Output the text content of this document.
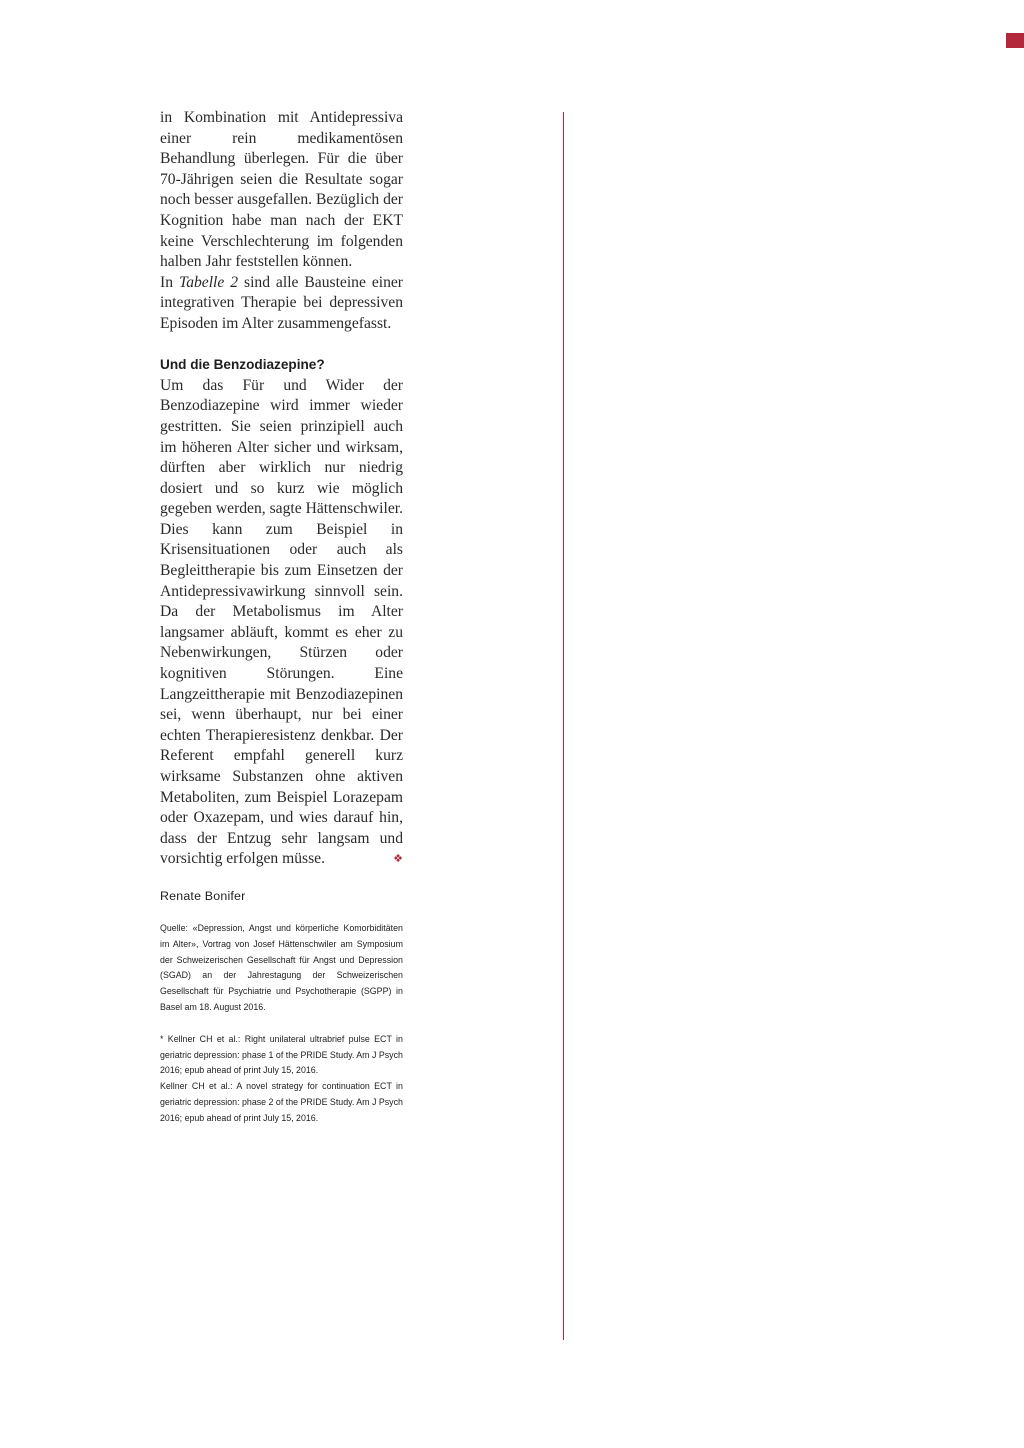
in Kombination mit Antidepressiva einer rein medikamentösen Behandlung überlegen. Für die über 70-Jährigen seien die Resultate sogar noch besser ausgefallen. Bezüglich der Kognition habe man nach der EKT keine Verschlechterung im folgenden halben Jahr feststellen können.

In Tabelle 2 sind alle Bausteine einer integrativen Therapie bei depressiven Episoden im Alter zusammengefasst.

Und die Benzodiazepine?

Um das Für und Wider der Benzodiazepine wird immer wieder gestritten. Sie seien prinzipiell auch im höheren Alter sicher und wirksam, dürften aber wirklich nur niedrig dosiert und so kurz wie möglich gegeben werden, sagte Hättenschwiler. Dies kann zum Beispiel in Krisensituationen oder auch als Begleittherapie bis zum Einsetzen der Antidepressivawirkung sinnvoll sein. Da der Metabolismus im Alter langsamer abläuft, kommt es eher zu Nebenwirkungen, Stürzen oder kognitiven Störungen. Eine Langzeittherapie mit Benzodiazepinen sei, wenn überhaupt, nur bei einer echten Therapieresistenz denkbar. Der Referent empfahl generell kurz wirksame Substanzen ohne aktiven Metaboliten, zum Beispiel Lorazepam oder Oxazepam, und wies darauf hin, dass der Entzug sehr langsam und vorsichtig erfolgen müsse.	❖

Renate Bonifer

Quelle: «Depression, Angst und körperliche Komorbiditäten im Alter», Vortrag von Josef Hättenschwiler am Symposium der Schweizerischen Gesellschaft für Angst und Depression (SGAD) an der Jahrestagung der Schweizerischen Gesellschaft für Psychiatrie und Psychotherapie (SGPP) in Basel am 18. August 2016.

* Kellner CH et al.: Right unilateral ultrabrief pulse ECT in geriatric depression: phase 1 of the PRIDE Study. Am J Psych 2016; epub ahead of print July 15, 2016.

Kellner CH et al.: A novel strategy for continuation ECT in geriatric depression: phase 2 of the PRIDE Study. Am J Psych 2016; epub ahead of print July 15, 2016.
